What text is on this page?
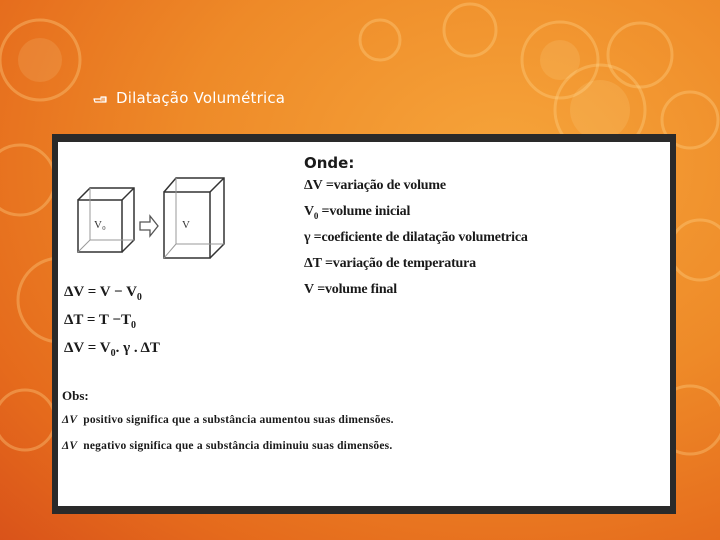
Dilatação Volumétrica
V₀	V
$\Delta V = V - V_0$
$\Delta T = T -T_0$
$\Delta V = V_0$. γ . ΔT
Onde:
ΔV =variação de volume
$V_0$ =volume inicial
γ =coeficiente de dilatação volumetrica
ΔT =variação de temperatura
V =volume final
Obs:
ΔV positivo significa que a substância aumentou suas dimensões.
ΔV negativo significa que a substância diminuiu suas dimensões.
